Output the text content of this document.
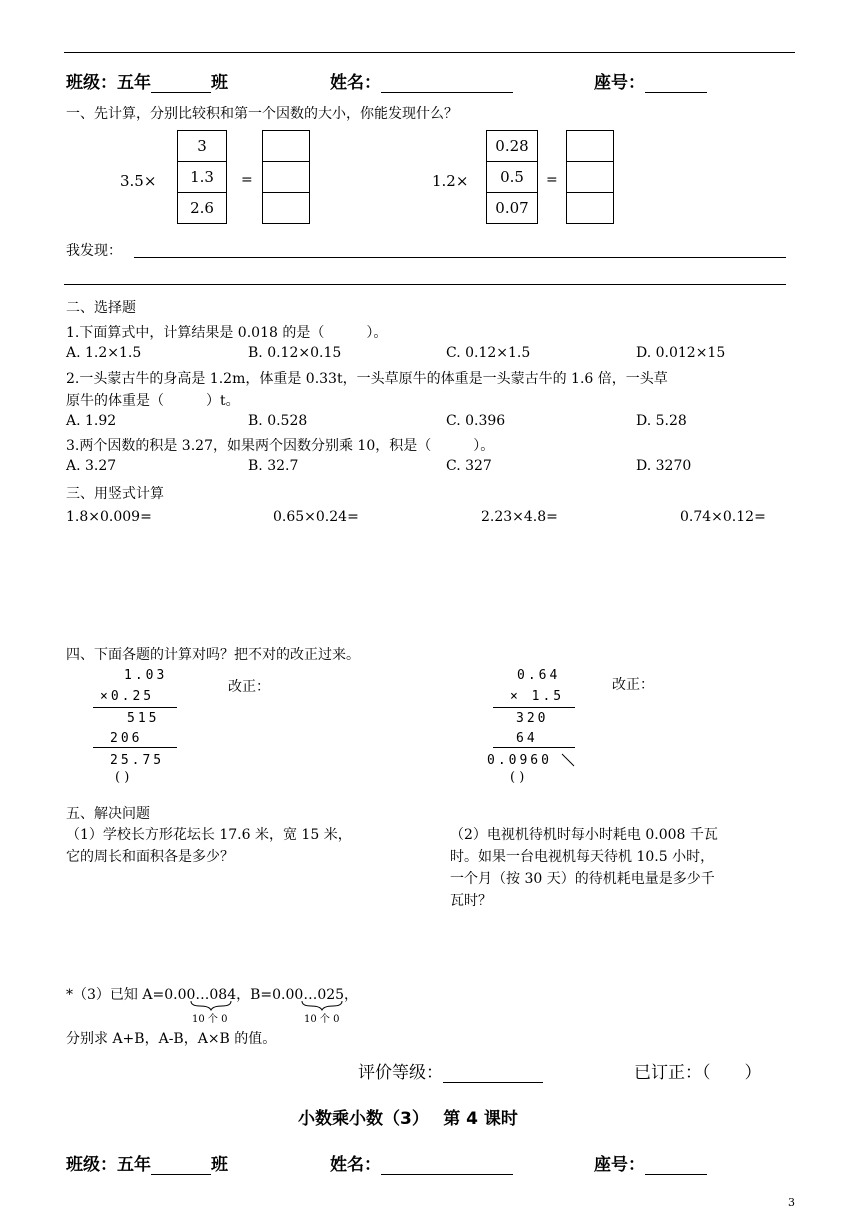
班级：五年	班	姓名：	座号：
一、先计算，分别比较积和第一个因数的大小，你能发现什么？
3.5×
3
1.3
2.6
=	1.2×
0.28
0.5
0.07
=
我发现：
二、选择题
1.下面算式中，计算结果是 0.018 的是（　　　）。
A. 1.2×1.5	B. 0.12×0.15	C. 0.12×1.5	D. 0.012×15
2.一头蒙古牛的身高是 1.2m，体重是 0.33t，一头草原牛的体重是一头蒙古牛的 1.6 倍，一头草
原牛的体重是（　　　）t。
A. 1.92	B. 0.528	C. 0.396	D. 5.28
3.两个因数的积是 3.27，如果两个因数分别乘 10，积是（　　　）。
A. 3.27	B. 32.7	C. 327	D. 3270
三、用竖式计算
1.8×0.009=	0.65×0.24=	2.23×4.8=	0.74×0.12=
四、下面各题的计算对吗？把不对的改正过来。
1.03
×0.25
515
206
25.75
( )
改正：
0.64
× 1.5
320
64
0.0960
( )
改正：
五、解决问题
（1）学校长方形花坛长 17.6 米，宽 15 米，
它的周长和面积各是多少？
（2）电视机待机时每小时耗电 0.008 千瓦
时。如果一台电视机每天待机 10.5 小时，
一个月（按 30 天）的待机耗电量是多少千
瓦时？
*（3）已知 A=0.00…084，B=0.00…025，
10 个 0	10 个 0
分别求 A+B，A-B，A×B 的值。
评价等级：	已订正：（　　）
小数乘小数（3）　 第 4 课时
班级：五年	班	姓名：	座号：
3
